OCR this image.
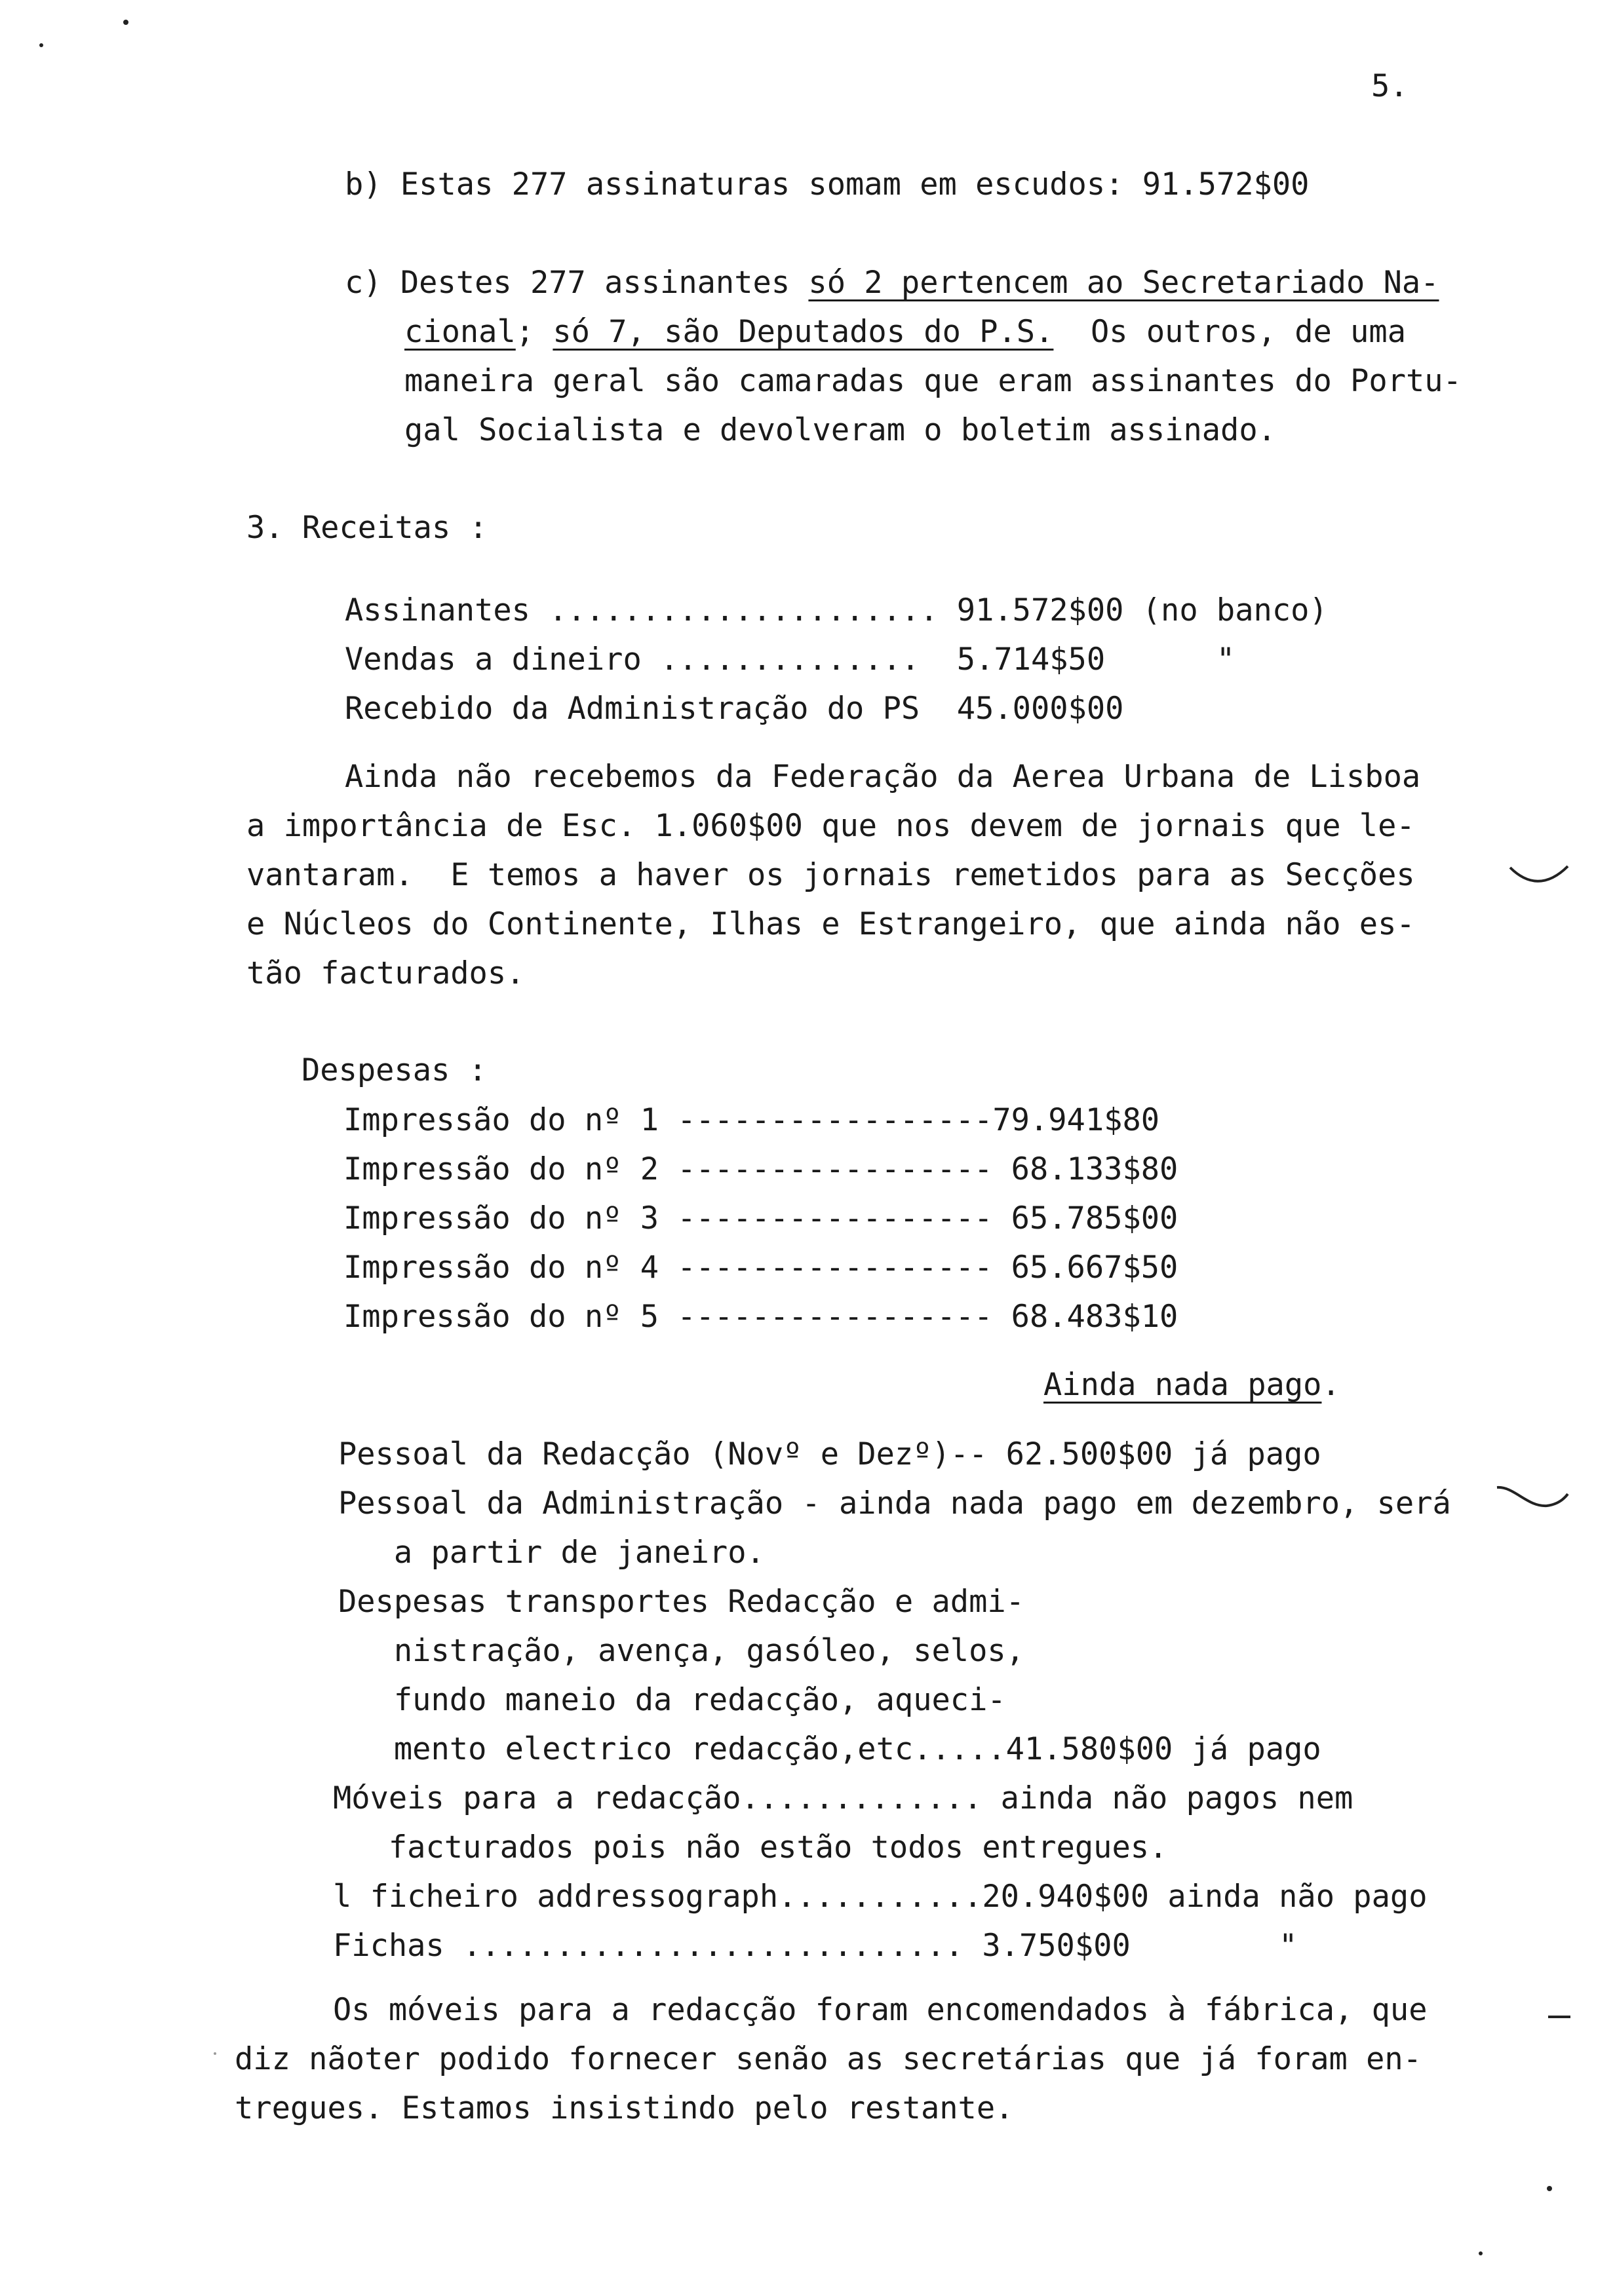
5.
b) Estas 277 assinaturas somam em escudos: 91.572$00
c) Destes 277 assinantes só 2 pertencem ao Secretariado Na-
cional; só 7, são Deputados do P.S.  Os outros, de uma
maneira geral são camaradas que eram assinantes do Portu-
gal Socialista e devolveram o boletim assinado.
3. Receitas :
Assinantes ..................... 91.572$00 (no banco)
Vendas a dineiro ..............  5.714$50      "
Recebido da Administração do PS  45.000$00
Ainda não recebemos da Federação da Aerea Urbana de Lisboa
a importância de Esc. 1.060$00 que nos devem de jornais que le-
vantaram.  E temos a haver os jornais remetidos para as Secções
e Núcleos do Continente, Ilhas e Estrangeiro, que ainda não es-
tão facturados.
Despesas :
Impressão do nº 1 -----------------79.941$80
Impressão do nº 2 ----------------- 68.133$80
Impressão do nº 3 ----------------- 65.785$00
Impressão do nº 4 ----------------- 65.667$50
Impressão do nº 5 ----------------- 68.483$10
Ainda nada pago.
Pessoal da Redacção (Novº e Dezº)-- 62.500$00 já pago
Pessoal da Administração - ainda nada pago em dezembro, será
a partir de janeiro.
Despesas transportes Redacção e admi-
nistração, avença, gasóleo, selos,
fundo maneio da redacção, aqueci-
mento electrico redacção,etc.....41.580$00 já pago
Móveis para a redacção............. ainda não pagos nem
facturados pois não estão todos entregues.
l ficheiro addressograph...........20.940$00 ainda não pago
Fichas ........................... 3.750$00        "
Os móveis para a redacção foram encomendados à fábrica, que
diz nãoter podido fornecer senão as secretárias que já foram en-
tregues. Estamos insistindo pelo restante.
